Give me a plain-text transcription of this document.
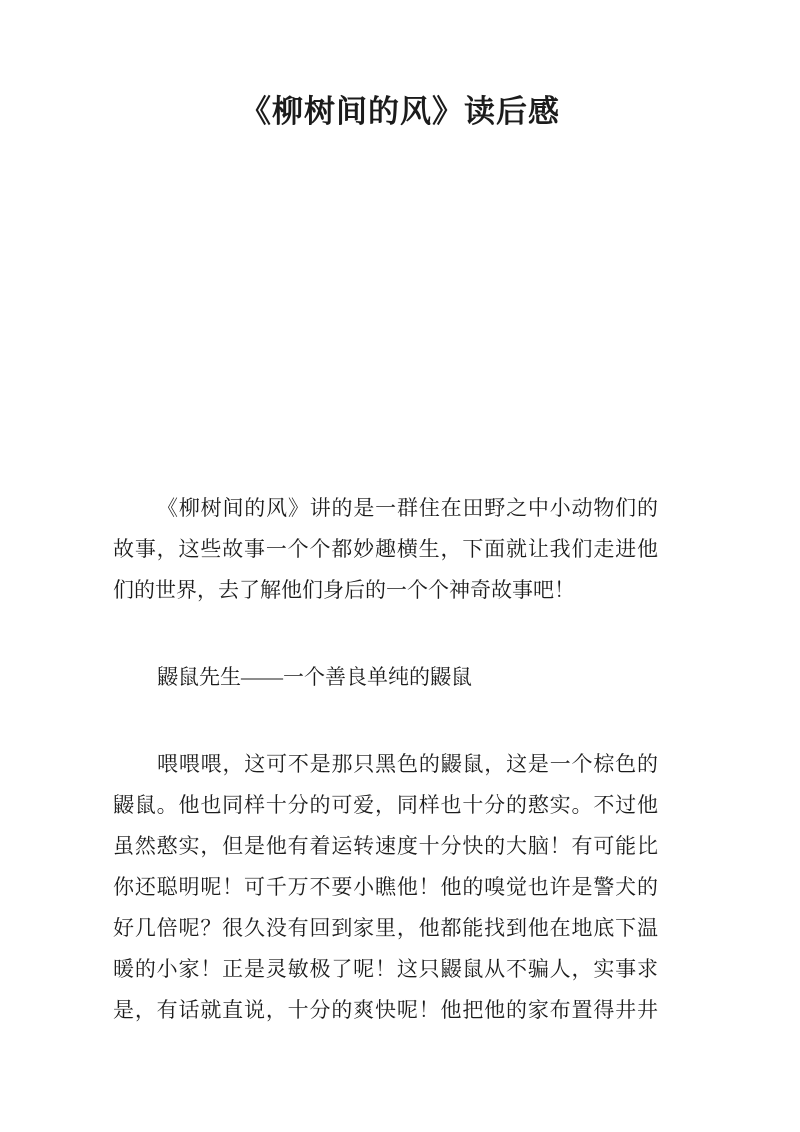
《柳树间的风》读后感

《柳树间的风》讲的是一群住在田野之中小动物们的
故事，这些故事一个个都妙趣横生，下面就让我们走进他
们的世界，去了解他们身后的一个个神奇故事吧！

鼹鼠先生——一个善良单纯的鼹鼠

喂喂喂，这可不是那只黑色的鼹鼠，这是一个棕色的
鼹鼠。他也同样十分的可爱，同样也十分的憨实。不过他
虽然憨实，但是他有着运转速度十分快的大脑！有可能比
你还聪明呢！可千万不要小瞧他！他的嗅觉也许是警犬的
好几倍呢？很久没有回到家里，他都能找到他在地底下温
暖的小家！正是灵敏极了呢！这只鼹鼠从不骗人，实事求
是，有话就直说，十分的爽快呢！他把他的家布置得井井
